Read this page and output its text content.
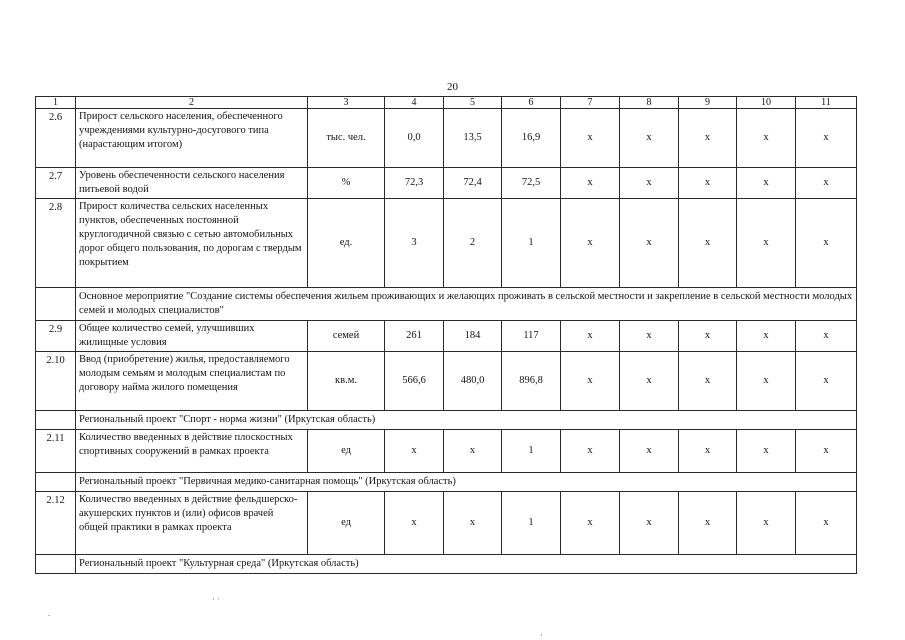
20
1	2	3	4	5	6	7	8	9	10	11
2.6	Прирост сельского населения, обеспеченного учреждениями культурно-досугового типа (нарастающим итогом)	тыс. чел.	0,0	13,5	16,9	x	x	x	x	x
2.7	Уровень обеспеченности сельского населения питьевой водой	%	72,3	72,4	72,5	x	x	x	x	x
2.8	Прирост количества сельских населенных пунктов, обеспеченных постоянной круглогодичной связью с сетью автомобильных дорог общего пользования, по дорогам с твердым покрытием	ед.	3	2	1	x	x	x	x	x
	Основное мероприятие "Создание системы обеспечения жильем проживающих и желающих проживать в сельской местности и закрепление в сельской местности молодых семей и молодых специалистов"									
2.9	Общее количество семей, улучшивших жилищные условия	семей	261	184	117	x	x	x	x	x
2.10	Ввод (приобретение) жилья, предоставляемого молодым семьям и молодым специалистам по договору найма жилого помещения	кв.м.	566,6	480,0	896,8	x	x	x	x	x
	Региональный проект "Спорт - норма жизни" (Иркутская область)									
2.11	Количество введенных в действие плоскостных спортивных сооружений в рамках проекта	ед	x	x	1	x	x	x	x	x
	Региональный проект "Первичная медико-санитарная помощь" (Иркутская область)									
2.12	Количество введенных в действие фельдшерско-акушерских пунктов и (или) офисов врачей общей практики в рамках проекта	ед	x	x	1	x	x	x	x	x
	Региональный проект "Культурная среда" (Иркутская область)									
· ·
.
·
